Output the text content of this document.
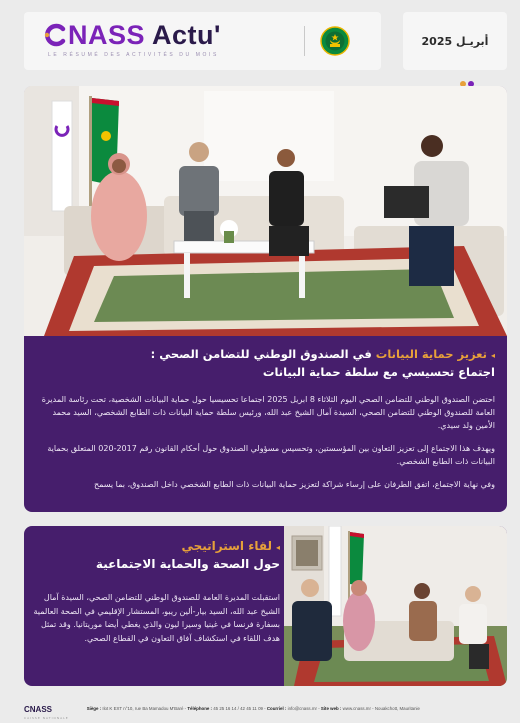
NASS Actu'
LE RÉSUMÉ DES ACTIVITÉS DU MOIS
أبريـل 2025
◂تعزيز حماية البيانات في الصندوق الوطني للتضامن الصحي :
اجتماع تحسيسي مع سلطة حماية البيانات

احتضن الصندوق الوطني للتضامن الصحي اليوم الثلاثاء 8 ابريل 2025 اجتماعا تحسيسيا حول حماية البيانات الشخصية، تحت رئاسة المديرة العامة للصندوق الوطني للتضامن الصحي، السيدة آمال الشيخ عبد الله، ورئيس سلطة حماية البيانات ذات الطابع الشخصي، السيد محمد الأمين ولد سيدي.

ويهدف هذا الاجتماع إلى تعزيز التعاون بين المؤسستين، وتحسيس مسؤولي الصندوق حول أحكام القانون رقم 2017-020 المتعلق بحماية البيانات ذات الطابع الشخصي.

وفي نهاية الاجتماع، اتفق الطرفان على إرساء شراكة لتعزيز حماية البيانات ذات الطابع الشخصي داخل الصندوق، بما يسمح

◂لقاء استراتيجي
حول الصحة والحماية الاجتماعية

استقبلت المديرة العامة للصندوق الوطني للتضامن الصحي، السيدة آمال الشيخ عبد الله، السيد بيار-ألين ريبو، المستشار الإقليمي في الصحة العالمية بسفارة فرنسا في غينيا وسيرا ليون والذي يغطي أيضا موريتانيا. وقد تمثل هدف اللقاء في استكشاف آفاق التعاون في القطاع الصحي.

CNASS
CAISSE NATIONALE
Siège : Ilot K EXT n°10, rue Ba Mamadou M'Baré - Téléphone : 45 25 16 14 / 42 45 11 09 - Courriel : info@cnass.mr - Site web : www.cnass.mr - Nouakchott, Mauritanie
